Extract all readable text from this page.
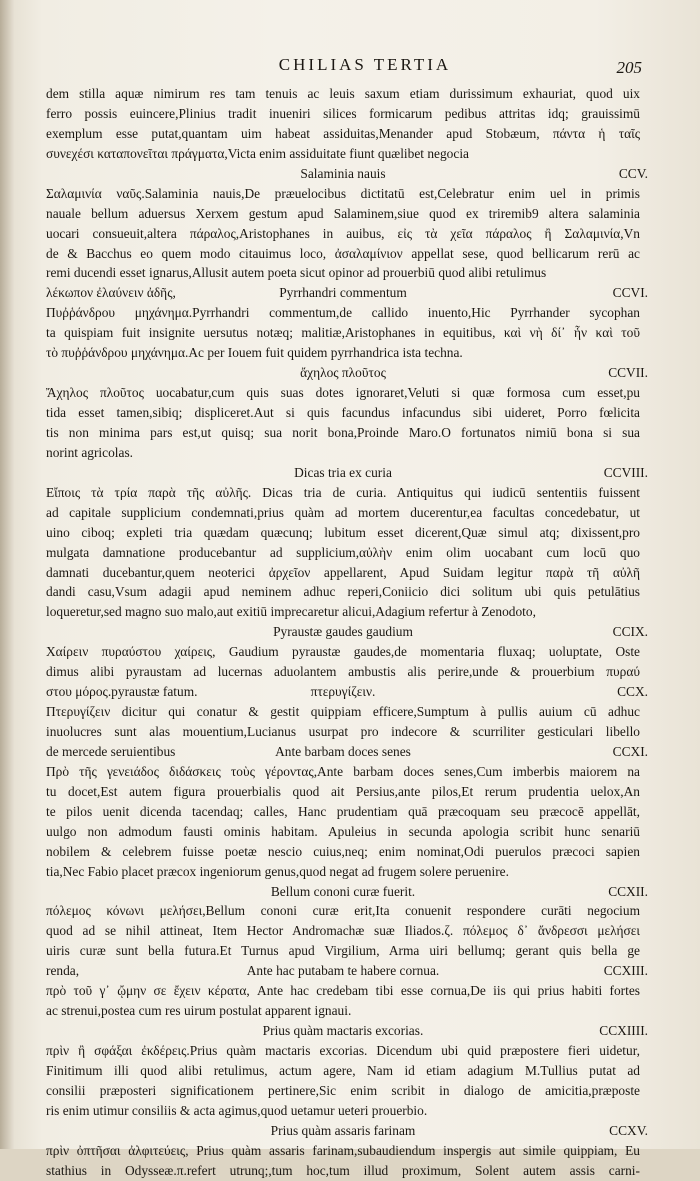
CHILIAS TERTIA	205
dem stilla aquæ nimirum res tam tenuis ac leuis saxum etiam durissimum exhauriat, quod uix
ferro possis euincere,Plinius tradit inueniri silices formicarum pedibus attritas idq; grauissimū
exemplum esse putat,quantam uim habeat assiduitas,Menander apud Stobæum, πάντα ἡ ταῖς
συνεχέσι καταπονεῖται πράγματα,Victa enim assiduitate fiunt quælibet negocia
Salaminia nauis	CCV.
Σαλαμινία ναῦς.Salaminia nauis,De præuelocibus dictitatū est,Celebratur enim uel in primis
nauale bellum aduersus Xerxem gestum apud Salaminem,siue quod ex triremib9 altera salaminia
uocari consueuit,altera πάραλος,Aristophanes in auibus, εἰς τὰ χεῖα πάραλος ἢ Σαλαμινία,Vn
de & Bacchus eo quem modo citauimus loco, ἀσαλαμίνιον appellat sese, quod bellicarum rerū ac
remi ducendi esset ignarus,Allusit autem poeta sicut opinor ad prouerbiū quod alibi retulimus
λέκωπον ἐλαύνειν ἀδῆς,	Pyrrhandri commentum	CCVI.
Πυῤῥάνδρου μηχάνημα.Pyrrhandri commentum,de callido inuento,Hic Pyrrhander sycophan
ta quispiam fuit insignite uersutus notæq; malitiæ,Aristophanes in equitibus, καὶ νὴ δί᾽ ἦν καὶ τοῦ
τὸ πυῤῥάνδρου μηχάνημα.Ac per Iouem fuit quidem pyrrhandrica ista techna.
ἄχηλος πλοῦτος	CCVII.
Ἄχηλος πλοῦτος uocabatur,cum quis suas dotes ignoraret,Veluti si quæ formosa cum esset,pu
tida esset tamen,sibiq; displiceret.Aut si quis facundus infacundus sibi uideret, Porro fœlicita
tis non minima pars est,ut quisq; sua norit bona,Proinde Maro.O fortunatos nimiū bona si sua
norint agricolas.
Dicas tria ex curia	CCVIII.
Εἴποις τὰ τρία παρὰ τῆς αὐλῆς. Dicas tria de curia. Antiquitus qui iudicū sententiis fuissent
ad capitale supplicium condemnati,prius quàm ad mortem ducerentur,ea facultas concedebatur, ut
uino ciboq; expleti tria quædam quæcunq; lubitum esset dicerent,Quæ simul atq; dixissent,pro
mulgata damnatione producebantur ad supplicium,αὐλὴν enim olim uocabant cum locū quo
damnati ducebantur,quem neoterici ἀρχεῖον appellarent, Apud Suidam legitur παρὰ τῆ αὐλῆ
dandi casu,Vsum adagii apud neminem adhuc reperi,Coniicio dici solitum ubi quis petulātius
loqueretur,sed magno suo malo,aut exitiū imprecaretur alicui,Adagium refertur à Zenodoto,
Pyraustæ gaudes gaudium	CCIX.
Χαίρειν πυραύστου χαίρεις, Gaudium pyraustæ gaudes,de momentaria fluxaq; uoluptate, Oste
dimus alibi pyraustam ad lucernas aduolantem ambustis alis perire,unde & prouerbium πυραύ
στου μόρος.pyraustæ fatum.	πτερυγίζειν.	CCX.
Πτερυγίζειν dicitur qui conatur & gestit quippiam efficere,Sumptum à pullis auium cū adhuc
inuolucres sunt alas mouentium,Lucianus usurpat pro indecore & scurriliter gesticulari libello
de mercede seruientibus	Ante barbam doces senes	CCXI.
Πρὸ τῆς γενειάδος διδάσκεις τοὺς γέροντας,Ante barbam doces senes,Cum imberbis maiorem na
tu docet,Est autem figura prouerbialis quod ait Persius,ante pilos,Et rerum prudentia uelox,An
te pilos uenit dicenda tacendaq; calles, Hanc prudentiam quā præcoquam seu præcocē appellāt,
uulgo non admodum fausti ominis habitam. Apuleius in secunda apologia scribit hunc senariū
nobilem & celebrem fuisse poetæ nescio cuius,neq; enim nominat,Odi puerulos præcoci sapien
tia,Nec Fabio placet præcox ingeniorum genus,quod negat ad frugem solere peruenire.
Bellum cononi curæ fuerit.	CCXII.
πόλεμος κόνωνι μελήσει,Bellum cononi curæ erit,Ita conuenit respondere curāti negocium
quod ad se nihil attineat, Item Hector Andromachæ suæ Iliados.ζ. πόλεμος δ᾽ ἄνδρεσσι μελήσει
uiris curæ sunt bella futura.Et Turnus apud Virgilium, Arma uiri bellumq; gerant quis bella ge
renda,	Ante hac putabam te habere cornua.	CCXIII.
πρὸ τοῦ γ᾽ ᾤμην σε ἔχειν κέρατα, Ante hac credebam tibi esse cornua,De iis qui prius habiti fortes
ac strenui,postea cum res uirum postulat apparent ignaui.
Prius quàm mactaris excorias.	CCXIIII.
πρὶν ἢ σφάξαι ἐκδέρεις.Prius quàm mactaris excorias. Dicendum ubi quid præpostere fieri uidetur,
Finitimum illi quod alibi retulimus, actum agere, Nam id etiam adagium M.Tullius putat ad
consilii præposteri significationem pertinere,Sic enim scribit in dialogo de amicitia,præposte
ris enim utimur consiliis & acta agimus,quod uetamur ueteri prouerbio.
Prius quàm assaris farinam	CCXV.
πρὶν ὀπτῆσαι ἀλφιτεύεις, Prius quàm assaris farinam,subaudiendum inspergis aut simile quippiam, Eu
stathius in Odysseæ.π.refert utrunq;,tum hoc,tum illud proximum, Solent autem assis carni-
